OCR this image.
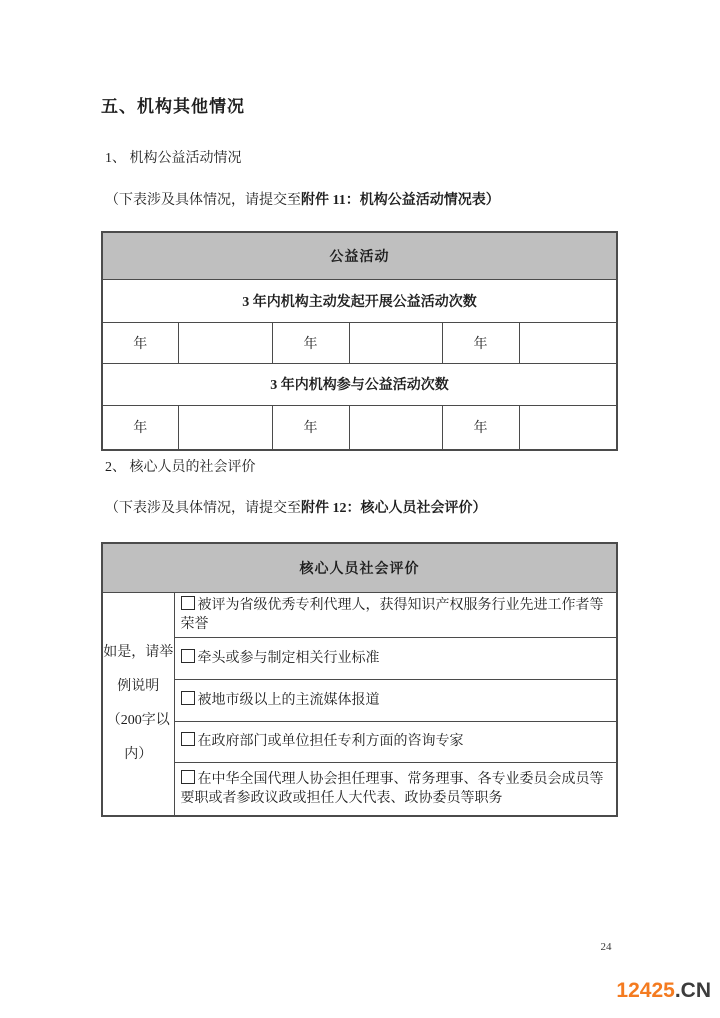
五、机构其他情况
1、 机构公益活动情况
（下表涉及具体情况，请提交至附件 11：机构公益活动情况表）
公益活动					
3 年内机构主动发起开展公益活动次数					
年		年		年	
3 年内机构参与公益活动次数					
年		年		年	
2、 核心人员的社会评价
（下表涉及具体情况，请提交至附件 12：核心人员社会评价）
核心人员社会评价
如是，请举例说明（200字以内）	被评为省级优秀专利代理人，获得知识产权服务行业先进工作者等荣誉
牵头或参与制定相关行业标准
被地市级以上的主流媒体报道
在政府部门或单位担任专利方面的咨询专家
在中华全国代理人协会担任理事、常务理事、各专业委员会成员等要职或者参政议政或担任人大代表、政协委员等职务
24
12425.CN
